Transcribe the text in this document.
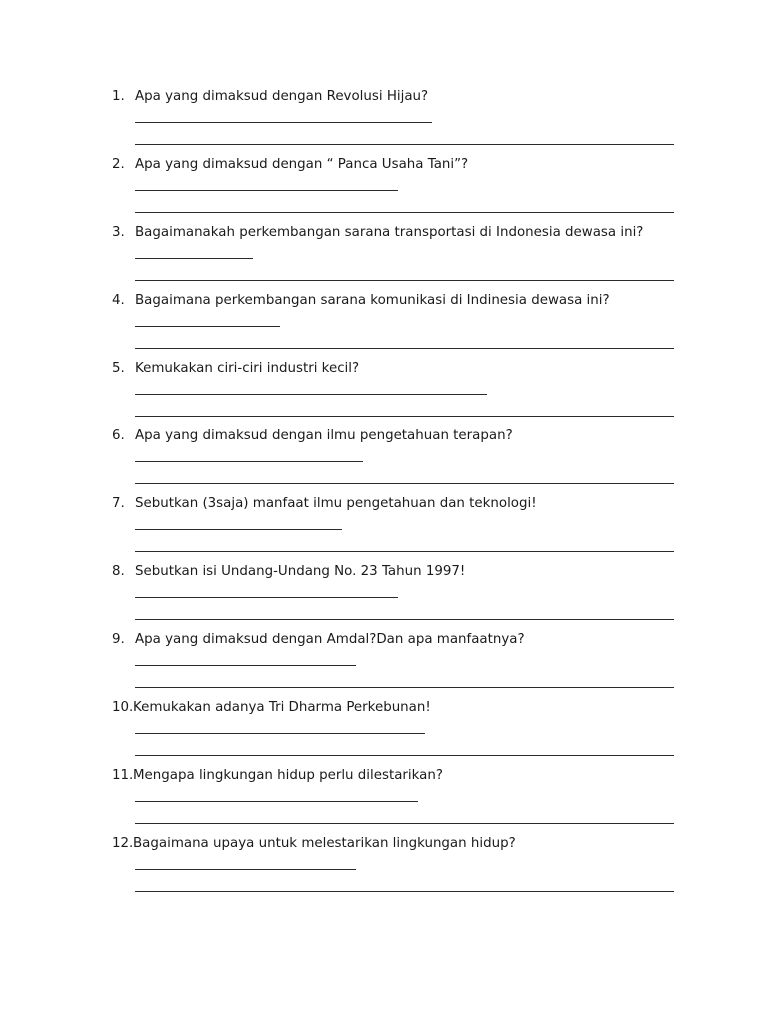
1. Apa yang dimaksud dengan Revolusi Hijau?
2. Apa yang dimaksud dengan “ Panca Usaha Tani”?
3. Bagaimanakah perkembangan sarana transportasi di Indonesia dewasa ini?
4. Bagaimana perkembangan sarana komunikasi di Indinesia dewasa ini?
5. Kemukakan ciri-ciri industri kecil?
6. Apa yang dimaksud dengan ilmu pengetahuan terapan?
7. Sebutkan (3saja) manfaat ilmu pengetahuan dan teknologi!
8. Sebutkan isi Undang-Undang No. 23 Tahun 1997!
9. Apa yang dimaksud dengan Amdal?Dan apa manfaatnya?
10. Kemukakan adanya Tri Dharma Perkebunan!
11. Mengapa lingkungan hidup perlu dilestarikan?
12. Bagaimana upaya untuk melestarikan lingkungan hidup?
